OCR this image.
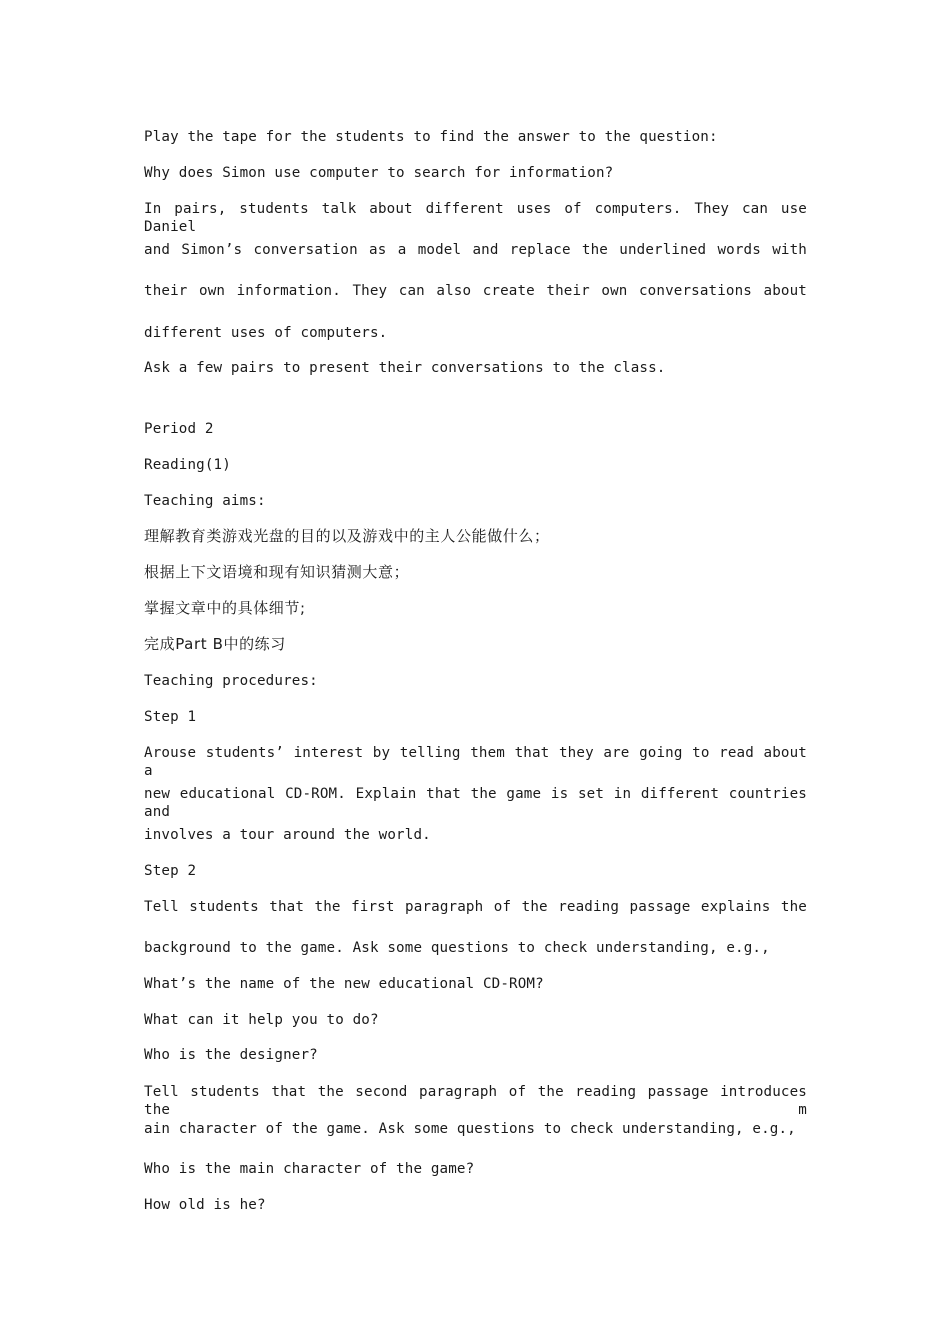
Play the tape for the students to find the answer to the question:
Why does Simon use computer to search for information?
In pairs, students talk about different uses of computers. They can use Daniel
and Simon’s conversation as a model and replace the underlined words with
their own information. They can also create their own conversations about
different uses of computers.
Ask a few pairs to present their conversations to the class.
Period 2
Reading(1)
Teaching aims:
理解教育类游戏光盘的目的以及游戏中的主人公能做什么；
根据上下文语境和现有知识猜测大意；
掌握文章中的具体细节;
完成Part B中的练习
Teaching procedures:
Step 1
Arouse students’ interest by telling them that they are going to read about a
new educational CD-ROM. Explain that the game is set in different countries and
involves a tour around the world.
Step 2
Tell students that the first paragraph of the reading passage explains the
background to the game. Ask some questions to check understanding, e.g.,
What’s the name of the new educational CD-ROM?
What can it help you to do?
Who is the designer?
Tell students that the second paragraph of the reading passage introduces the m
ain character of the game. Ask some questions to check understanding, e.g.,
Who is the main character of the game?
How old is he?
